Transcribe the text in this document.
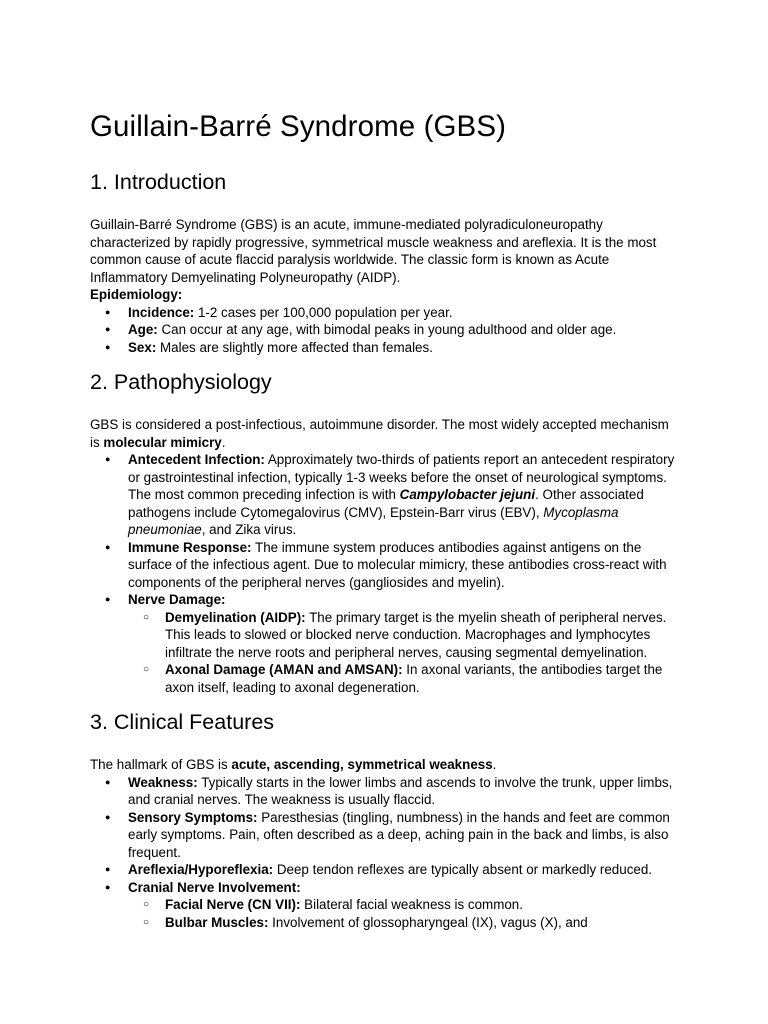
Guillain-Barré Syndrome (GBS)
1. Introduction

Guillain-Barré Syndrome (GBS) is an acute, immune-mediated polyradiculoneuropathy characterized by rapidly progressive, symmetrical muscle weakness and areflexia. It is the most common cause of acute flaccid paralysis worldwide. The classic form is known as Acute Inflammatory Demyelinating Polyneuropathy (AIDP).

Epidemiology:

● Incidence: 1-2 cases per 100,000 population per year.
● Age: Can occur at any age, with bimodal peaks in young adulthood and older age.
● Sex: Males are slightly more affected than females.
2. Pathophysiology

GBS is considered a post-infectious, autoimmune disorder. The most widely accepted mechanism is molecular mimicry.

● Antecedent Infection: Approximately two-thirds of patients report an antecedent respiratory or gastrointestinal infection, typically 1-3 weeks before the onset of neurological symptoms. The most common preceding infection is with Campylobacter jejuni. Other associated pathogens include Cytomegalovirus (CMV), Epstein-Barr virus (EBV), Mycoplasma pneumoniae, and Zika virus.
● Immune Response: The immune system produces antibodies against antigens on the surface of the infectious agent. Due to molecular mimicry, these antibodies cross-react with components of the peripheral nerves (gangliosides and myelin).
● Nerve Damage:
○ Demyelination (AIDP): The primary target is the myelin sheath of peripheral nerves. This leads to slowed or blocked nerve conduction. Macrophages and lymphocytes infiltrate the nerve roots and peripheral nerves, causing segmental demyelination.
○ Axonal Damage (AMAN and AMSAN): In axonal variants, the antibodies target the axon itself, leading to axonal degeneration.
3. Clinical Features

The hallmark of GBS is acute, ascending, symmetrical weakness.

● Weakness: Typically starts in the lower limbs and ascends to involve the trunk, upper limbs, and cranial nerves. The weakness is usually flaccid.
● Sensory Symptoms: Paresthesias (tingling, numbness) in the hands and feet are common early symptoms. Pain, often described as a deep, aching pain in the back and limbs, is also frequent.
● Areflexia/Hyporeflexia: Deep tendon reflexes are typically absent or markedly reduced.
● Cranial Nerve Involvement:
○ Facial Nerve (CN VII): Bilateral facial weakness is common.
○ Bulbar Muscles: Involvement of glossopharyngeal (IX), vagus (X), and
